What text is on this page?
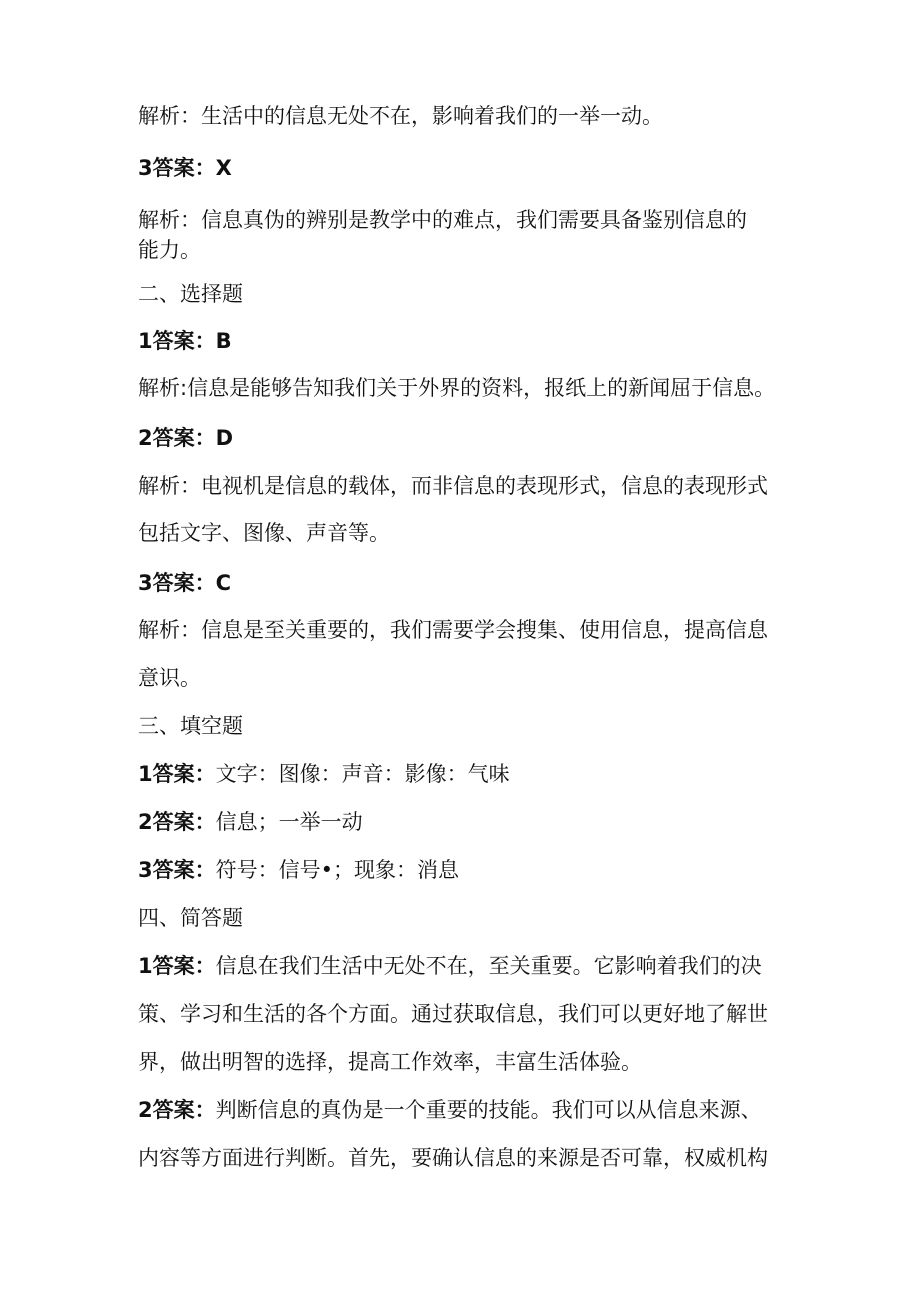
解析：生活中的信息无处不在，影响着我们的一举一动。

3答案：X

解析：信息真伪的辨别是教学中的难点，我们需要具备鉴别信息的

能力。

二、选择题

1答案：B

解析:信息是能够告知我们关于外界的资料，报纸上的新闻屈于信息。

2答案：D

解析：电视机是信息的载体，而非信息的表现形式，信息的表现形式

包括文字、图像、声音等。

3答案：C

解析：信息是至关重要的，我们需要学会搜集、使用信息，提高信息

意识。

三、填空题

1答案：文字：图像：声音：影像：气味

2答案：信息；一举一动

3答案：符号：信号•；现象：消息

四、简答题

1答案：信息在我们生活中无处不在，至关重要。它影响着我们的决

策、学习和生活的各个方面。通过获取信息，我们可以更好地了解世

界，做出明智的选择，提高工作效率，丰富生活体验。

2答案：判断信息的真伪是一个重要的技能。我们可以从信息来源、

内容等方面进行判断。首先，要确认信息的来源是否可靠，权威机构
